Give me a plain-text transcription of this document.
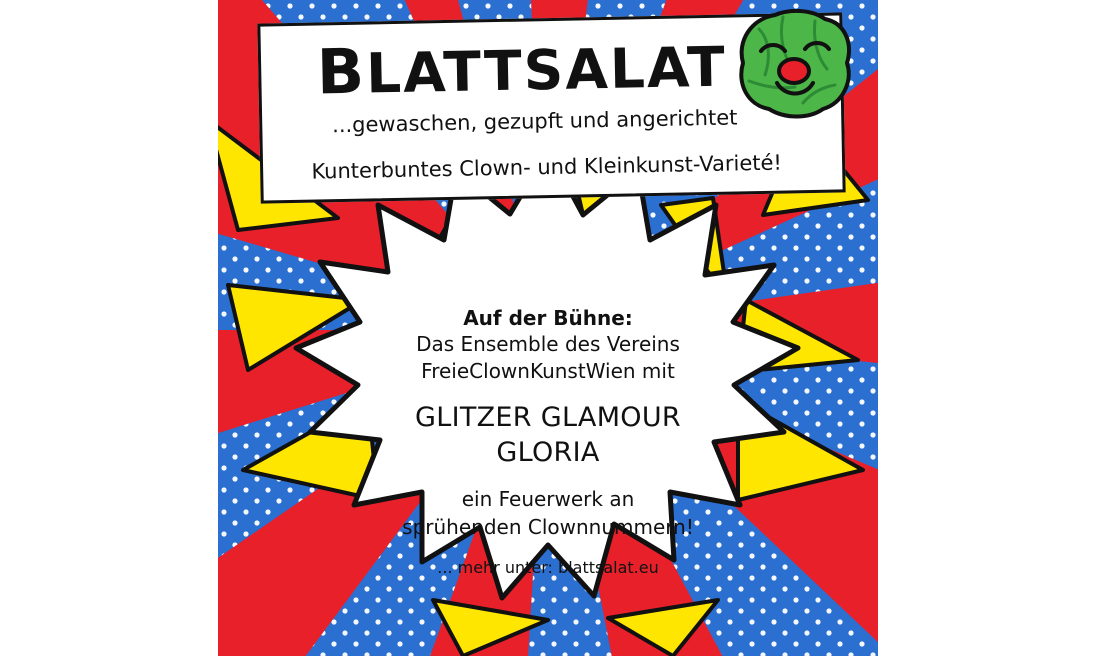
BLATTSALAT
...gewaschen, gezupft und angerichtet
Kunterbuntes Clown- und Kleinkunst-Varieté!
Auf der Bühne:
Das Ensemble des Vereins
FreieClownKunstWien mit
GLITZER GLAMOUR
GLORIA
ein Feuerwerk an
sprühenden Clownnummern!
... mehr unter: blattsalat.eu
